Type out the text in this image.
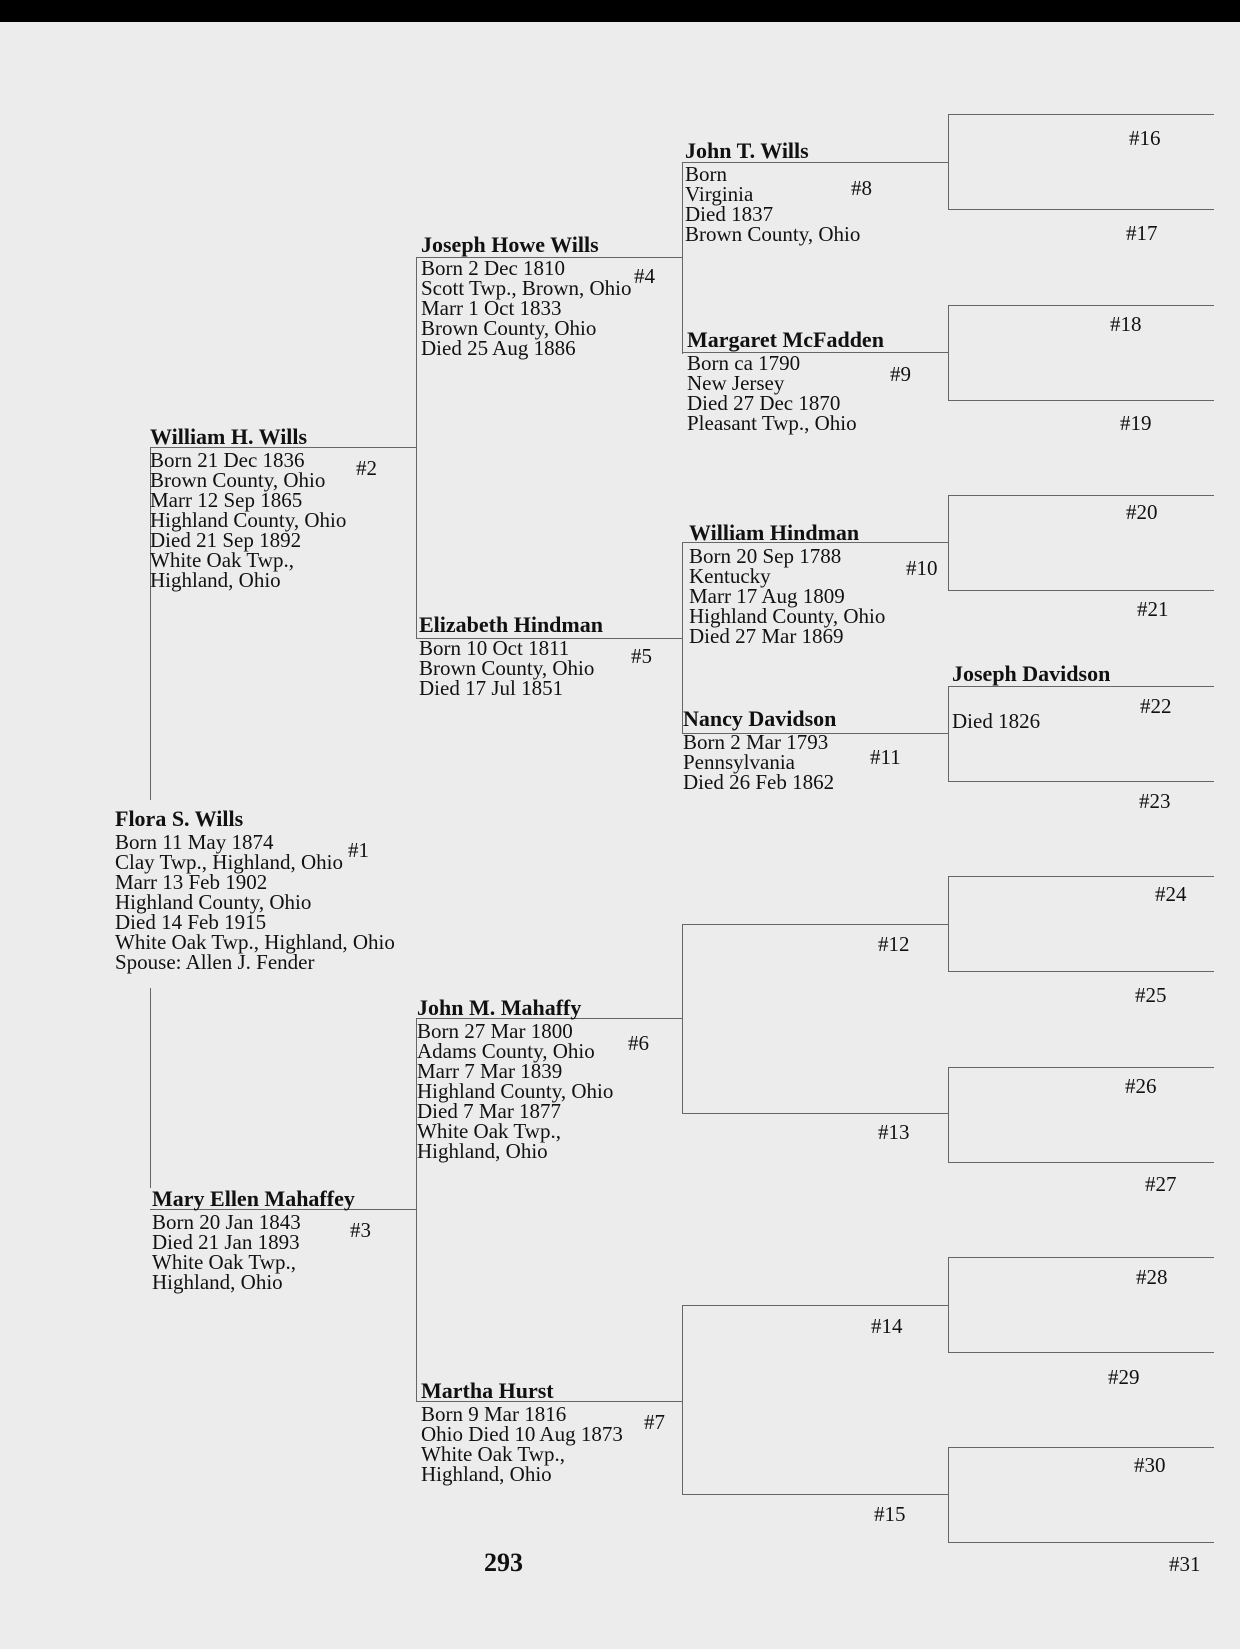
Flora S. Wills
Born 11 May 1874
Clay Twp., Highland, Ohio
Marr 13 Feb 1902
Highland County, Ohio
Died 14 Feb 1915
White Oak Twp., Highland, Ohio
Spouse: Allen J. Fender
#1
William H. Wills
Born 21 Dec 1836
Brown County, Ohio
Marr 12 Sep 1865
Highland County, Ohio
Died 21 Sep 1892
White Oak Twp.,
Highland, Ohio
#2
Mary Ellen Mahaffey
Born 20 Jan 1843
Died 21 Jan 1893
White Oak Twp.,
Highland, Ohio
#3
Joseph Howe Wills
Born 2 Dec 1810
Scott Twp., Brown, Ohio
Marr 1 Oct 1833
Brown County, Ohio
Died 25 Aug 1886
#4
Elizabeth Hindman
Born 10 Oct 1811
Brown County, Ohio
Died 17 Jul 1851
#5
John M. Mahaffy
Born 27 Mar 1800
Adams County, Ohio
Marr 7 Mar 1839
Highland County, Ohio
Died 7 Mar 1877
White Oak Twp.,
Highland, Ohio
#6
Martha Hurst
Born 9 Mar 1816
Ohio Died 10 Aug 1873
White Oak Twp.,
Highland, Ohio
#7
John T. Wills
Born
Virginia
Died 1837
Brown County, Ohio
#8
Margaret McFadden
Born ca 1790
New Jersey
Died 27 Dec 1870
Pleasant Twp., Ohio
#9
William Hindman
Born 20 Sep 1788
Kentucky
Marr 17 Aug 1809
Highland County, Ohio
Died 27 Mar 1869
#10
Nancy Davidson
Born 2 Mar 1793
Pennsylvania
Died 26 Feb 1862
#11
Joseph Davidson
Died 1826
#22
#12
#13
#14
#15
#16
#17
#18
#19
#20
#21
#23
#24
#25
#26
#27
#28
#29
#30
#31
293
